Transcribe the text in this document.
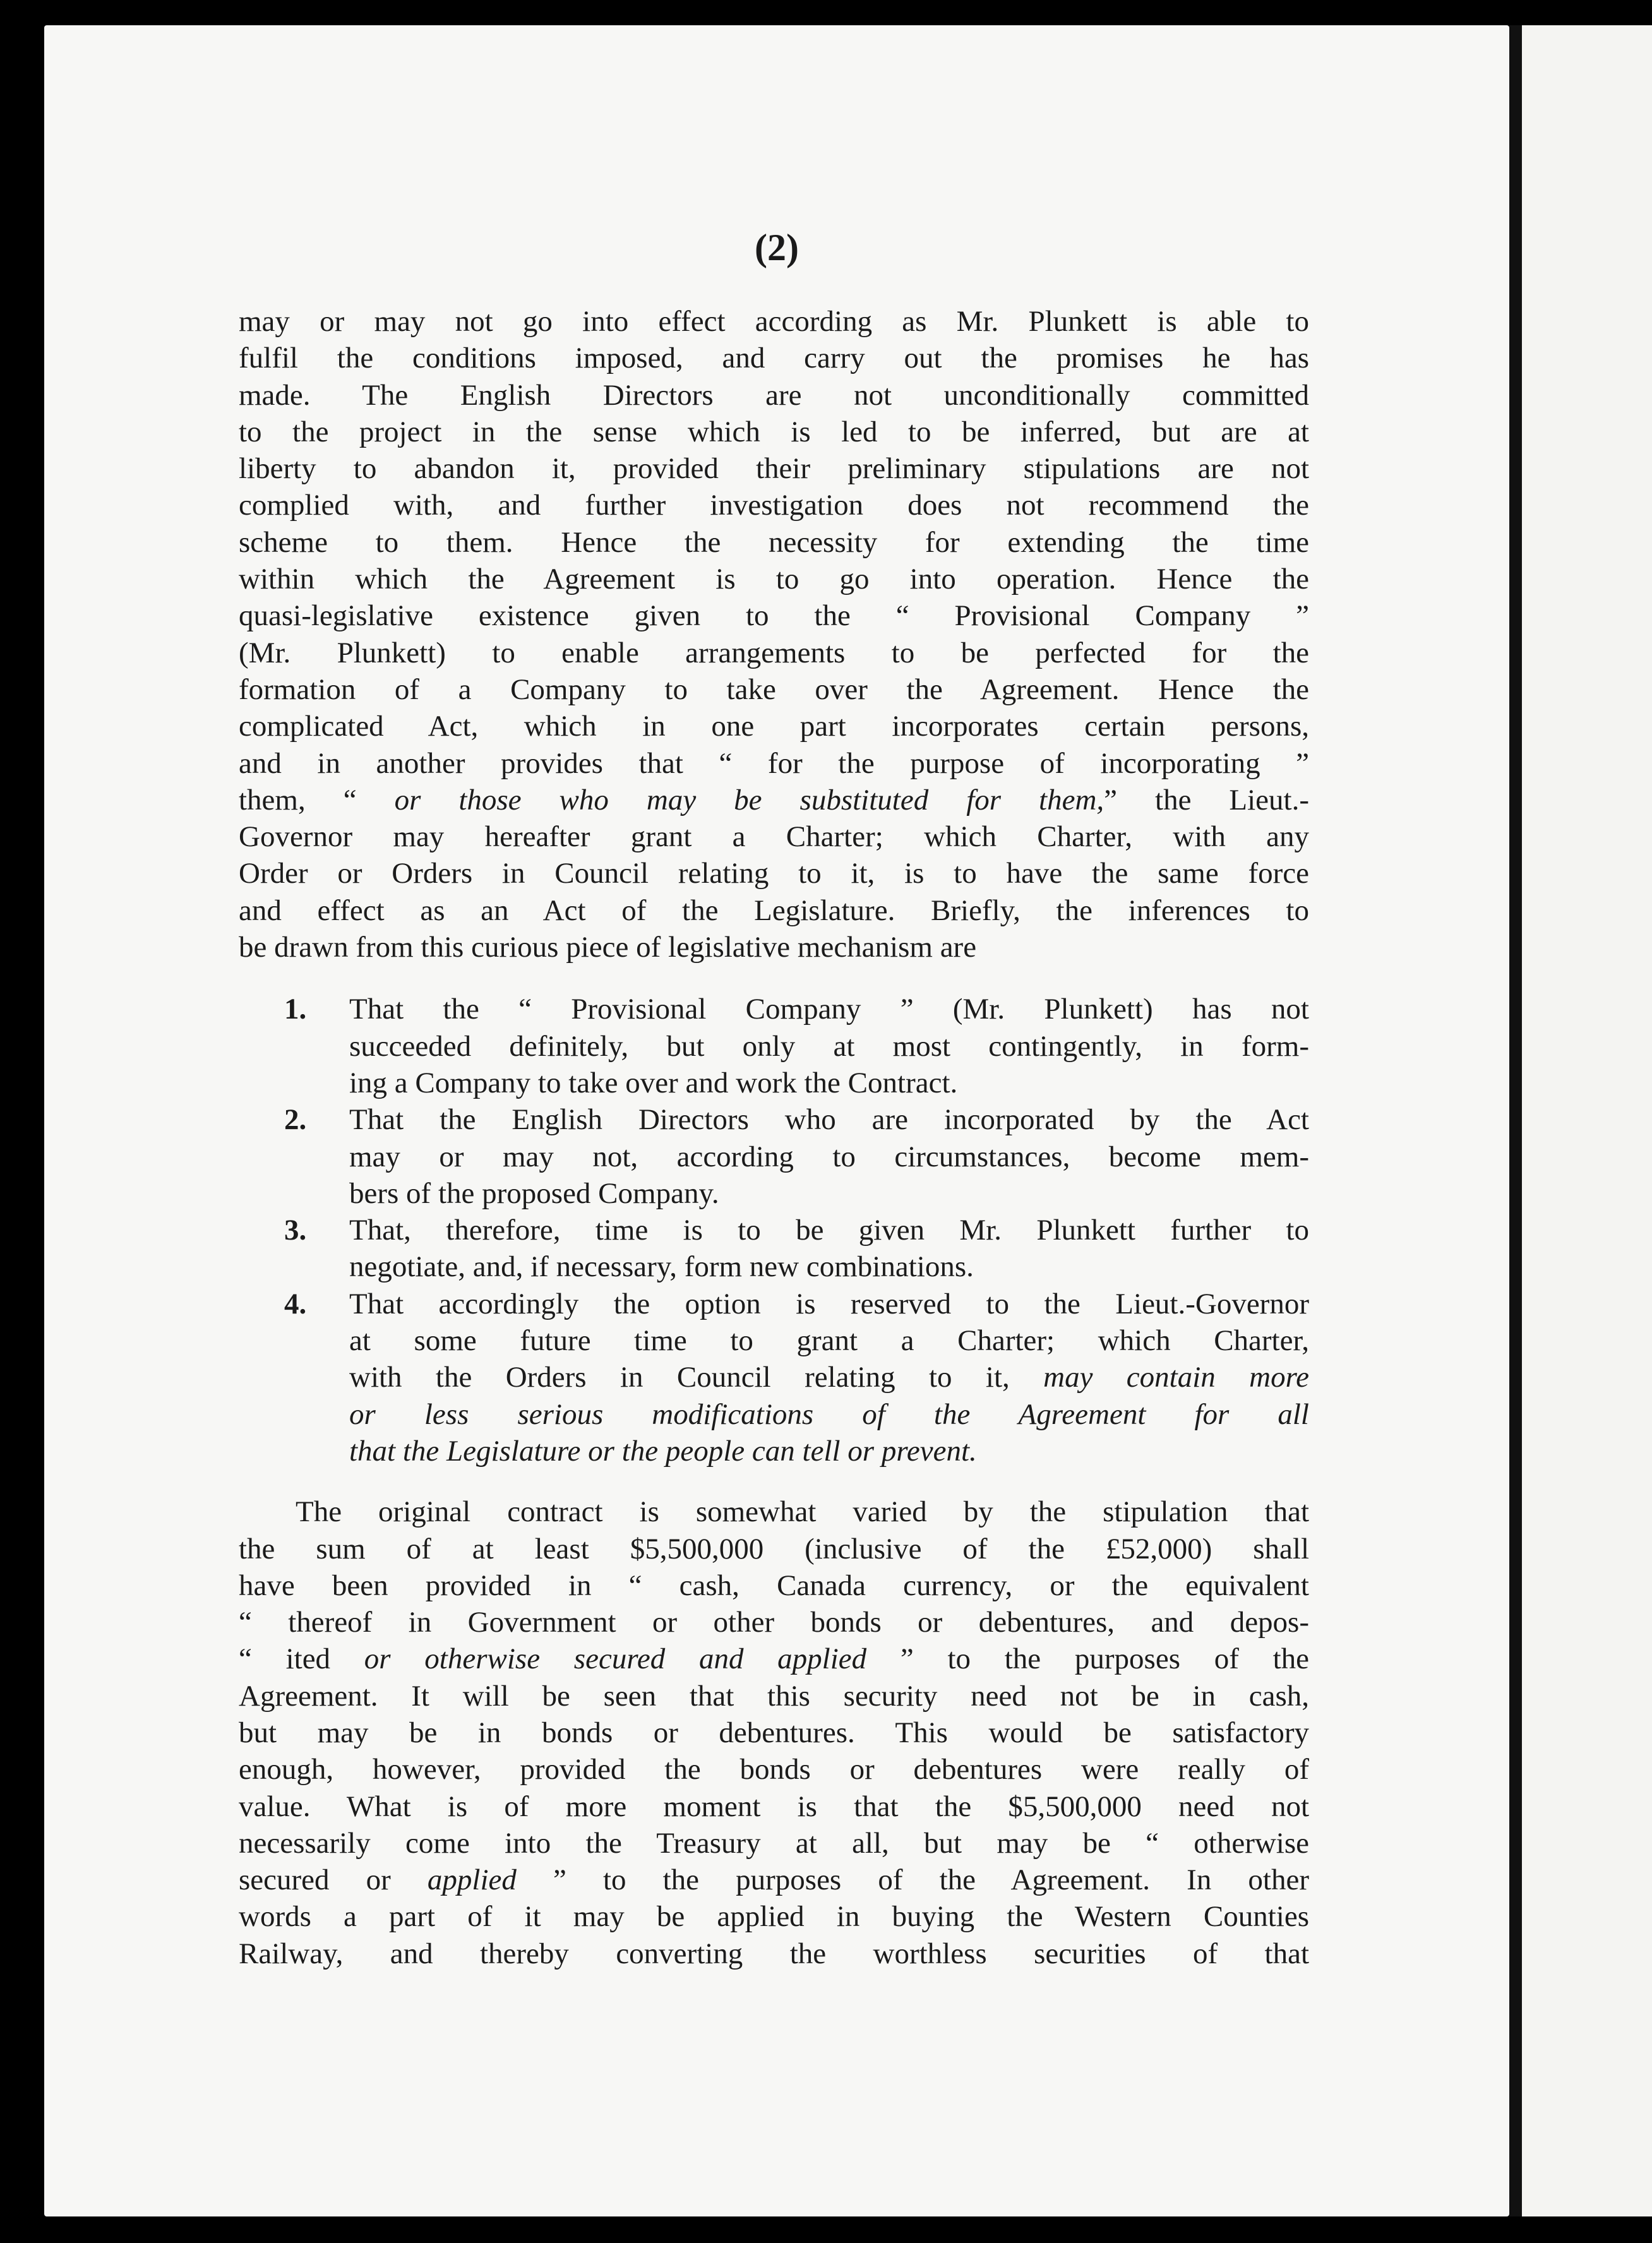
(2)

may or may not go into effect according as Mr. Plunkett is able to
fulfil the conditions imposed, and carry out the promises he has
made. The English Directors are not unconditionally committed
to the project in the sense which is led to be inferred, but are at
liberty to abandon it, provided their preliminary stipulations are not
complied with, and further investigation does not recommend the
scheme to them. Hence the necessity for extending the time
within which the Agreement is to go into operation. Hence the
quasi-legislative existence given to the “ Provisional Company ”
(Mr. Plunkett) to enable arrangements to be perfected for the
formation of a Company to take over the Agreement. Hence the
complicated Act, which in one part incorporates certain persons,
and in another provides that “ for the purpose of incorporating ”
them, “ or those who may be substituted for them,” the Lieut.-
Governor may hereafter grant a Charter; which Charter, with any
Order or Orders in Council relating to it, is to have the same force
and effect as an Act of the Legislature. Briefly, the inferences to
be drawn from this curious piece of legislative mechanism are

1.	That the “ Provisional Company ” (Mr. Plunkett) has not
succeeded definitely, but only at most contingently, in form-
ing a Company to take over and work the Contract.
2.	That the English Directors who are incorporated by the Act
may or may not, according to circumstances, become mem-
bers of the proposed Company.
3.	That, therefore, time is to be given Mr. Plunkett further to
negotiate, and, if necessary, form new combinations.
4.	That accordingly the option is reserved to the Lieut.-Governor
at some future time to grant a Charter; which Charter,
with the Orders in Council relating to it, may contain more
or less serious modifications of the Agreement for all
that the Legislature or the people can tell or prevent.

The original contract is somewhat varied by the stipulation that
the sum of at least $5,500,000 (inclusive of the £52,000) shall
have been provided in “ cash, Canada currency, or the equivalent
“ thereof in Government or other bonds or debentures, and depos-
“ ited or otherwise secured and applied ” to the purposes of the
Agreement. It will be seen that this security need not be in cash,
but may be in bonds or debentures. This would be satisfactory
enough, however, provided the bonds or debentures were really of
value. What is of more moment is that the $5,500,000 need not
necessarily come into the Treasury at all, but may be “ otherwise
secured or applied ” to the purposes of the Agreement. In other
words a part of it may be applied in buying the Western Counties
Railway, and thereby converting the worthless securities of that
